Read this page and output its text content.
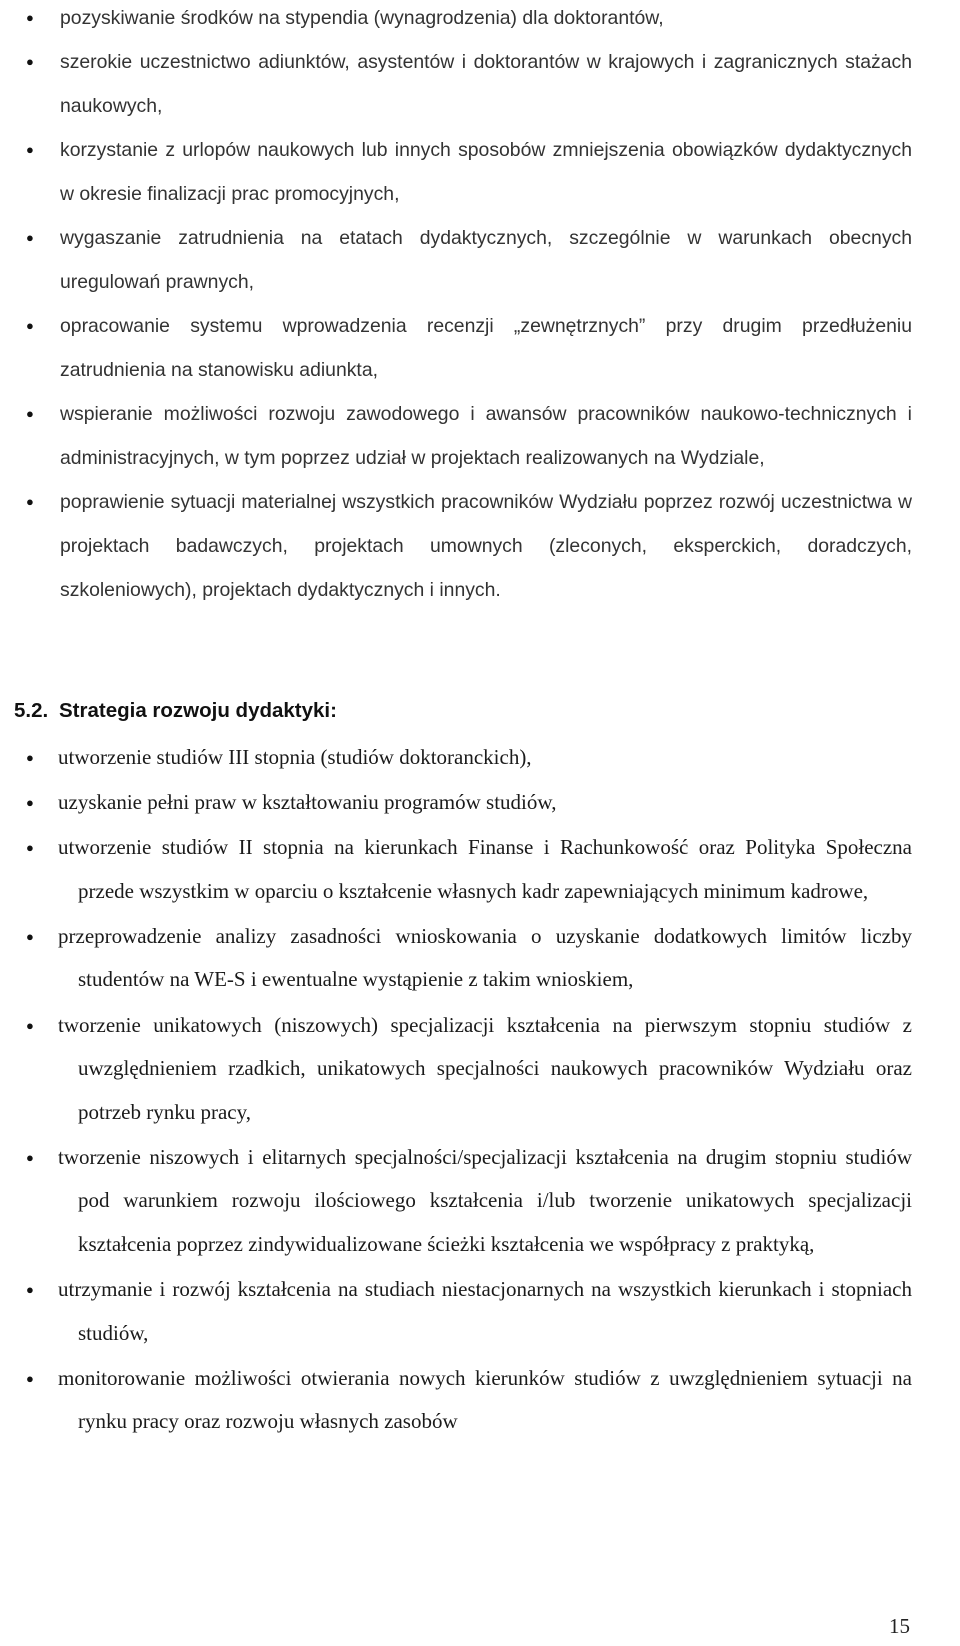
● pozyskiwanie środków na stypendia (wynagrodzenia) dla doktorantów,
● szerokie uczestnictwo adiunktów, asystentów i doktorantów w krajowych i zagranicznych stażach naukowych,
● korzystanie z urlopów naukowych lub innych sposobów zmniejszenia obowiązków dydaktycznych w okresie finalizacji prac promocyjnych,
● wygaszanie zatrudnienia na etatach dydaktycznych, szczególnie w warunkach obecnych uregulowań prawnych,
● opracowanie systemu wprowadzenia recenzji „zewnętrznych” przy drugim przedłużeniu zatrudnienia na stanowisku adiunkta,
● wspieranie możliwości rozwoju zawodowego i awansów pracowników naukowo-technicznych i administracyjnych, w tym poprzez udział w projektach realizowanych na Wydziale,
● poprawienie sytuacji materialnej wszystkich pracowników Wydziału poprzez rozwój uczestnictwa w projektach badawczych, projektach umownych (zleconych, eksperckich, doradczych, szkoleniowych), projektach dydaktycznych i innych.
5.2. Strategia rozwoju dydaktyki:
● utworzenie studiów III stopnia (studiów doktoranckich),
● uzyskanie pełni praw w kształtowaniu programów studiów,
● utworzenie studiów II stopnia na kierunkach Finanse i Rachunkowość oraz Polityka Społeczna przede wszystkim w oparciu o kształcenie własnych kadr zapewniających minimum kadrowe,
● przeprowadzenie analizy zasadności wnioskowania o uzyskanie dodatkowych limitów liczby studentów na WE-S i ewentualne wystąpienie z takim wnioskiem,
● tworzenie unikatowych (niszowych) specjalizacji kształcenia na pierwszym stopniu studiów z uwzględnieniem rzadkich, unikatowych specjalności naukowych pracowników Wydziału oraz potrzeb rynku pracy,
● tworzenie niszowych i elitarnych specjalności/specjalizacji kształcenia na drugim stopniu studiów pod warunkiem rozwoju ilościowego kształcenia i/lub tworzenie unikatowych specjalizacji kształcenia poprzez zindywidualizowane ścieżki kształcenia we współpracy z praktyką,
● utrzymanie i rozwój kształcenia na studiach niestacjonarnych na wszystkich kierunkach i stopniach studiów,
● monitorowanie możliwości otwierania nowych kierunków studiów z uwzględnieniem sytuacji na rynku pracy oraz rozwoju własnych zasobów
15
